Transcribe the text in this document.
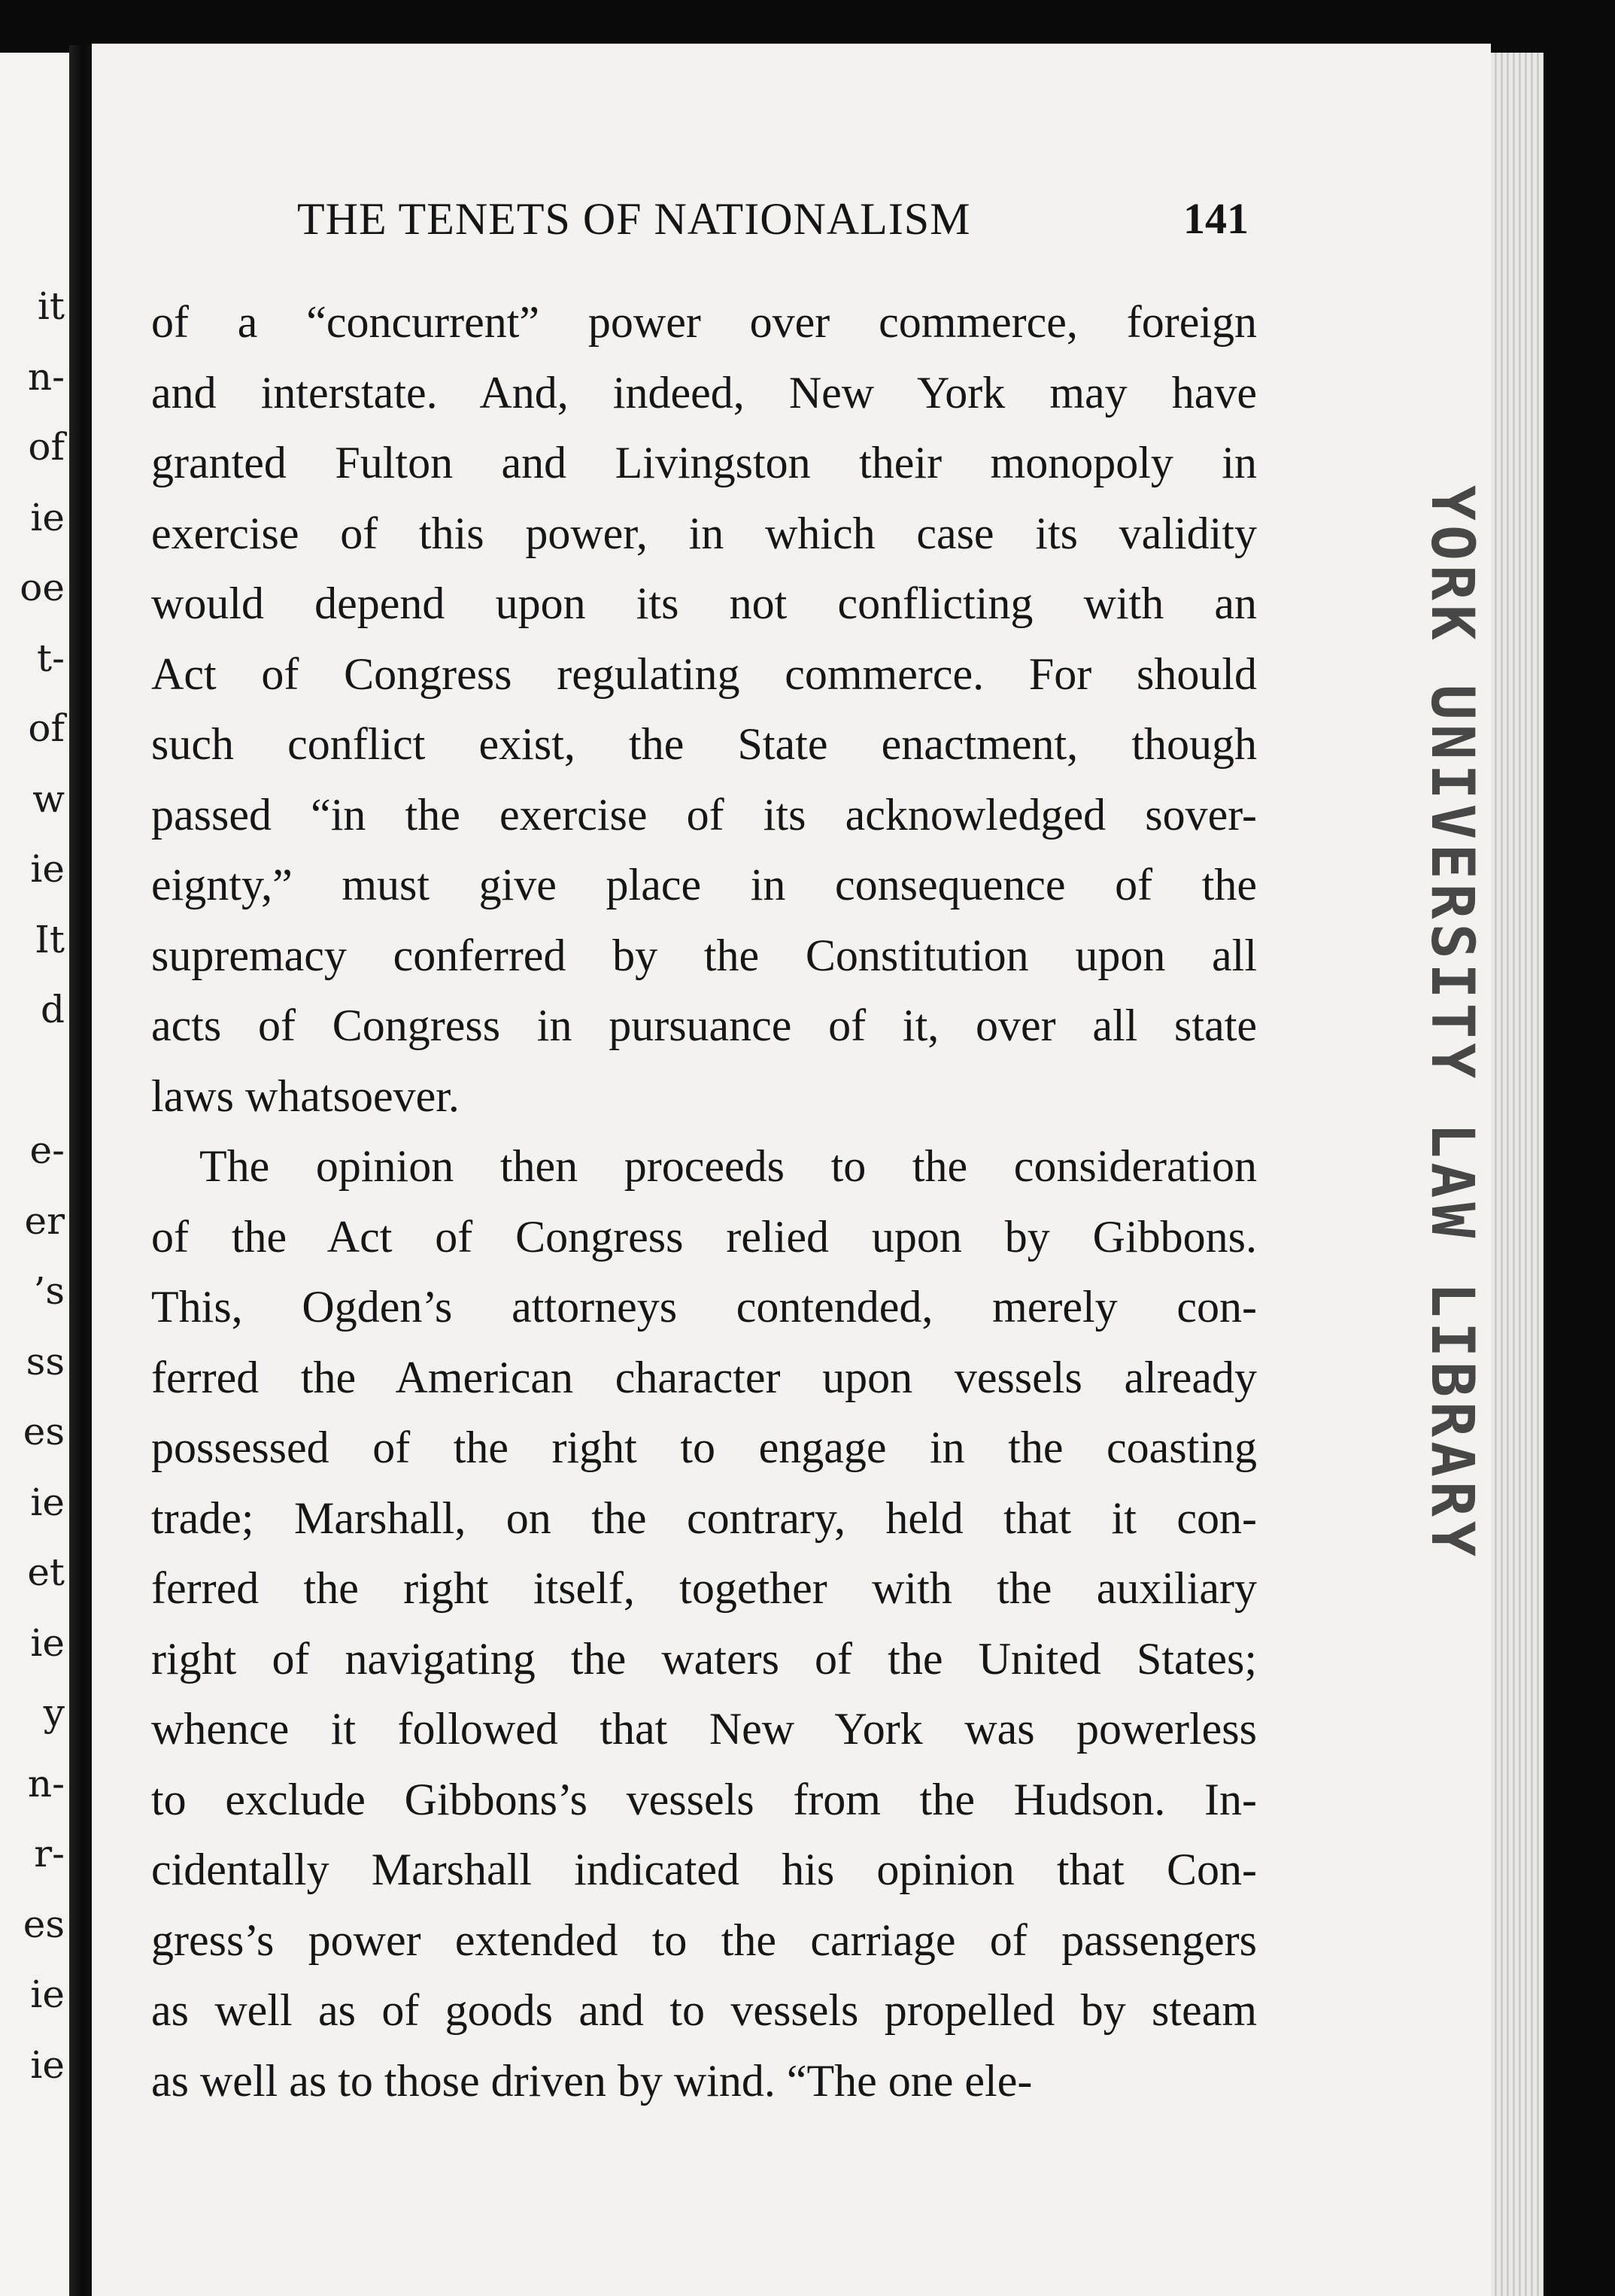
it
n-
of
ie
oe
t-
of
w
ie
It
d
e-
er
’s
ss
es
ie
et
ie
y
n-
r-
es
ie
ie
THE TENETS OF NATIONALISM	141
of a “concurrent” power over commerce, foreign
and interstate. And, indeed, New York may have
granted Fulton and Livingston their monopoly in
exercise of this power, in which case its validity
would depend upon its not conflicting with an
Act of Congress regulating commerce. For should
such conflict exist, the State enactment, though
passed “in the exercise of its acknowledged sover-
eignty,” must give place in consequence of the
supremacy conferred by the Constitution upon all
acts of Congress in pursuance of it, over all state
laws whatsoever.
The opinion then proceeds to the consideration
of the Act of Congress relied upon by Gibbons.
This, Ogden’s attorneys contended, merely con-
ferred the American character upon vessels already
possessed of the right to engage in the coasting
trade; Marshall, on the contrary, held that it con-
ferred the right itself, together with the auxiliary
right of navigating the waters of the United States;
whence it followed that New York was powerless
to exclude Gibbons’s vessels from the Hudson. In-
cidentally Marshall indicated his opinion that Con-
gress’s power extended to the carriage of passengers
as well as of goods and to vessels propelled by steam
as well as to those driven by wind. “The one ele-
YORK UNIVERSITY LAW LIBRARY
